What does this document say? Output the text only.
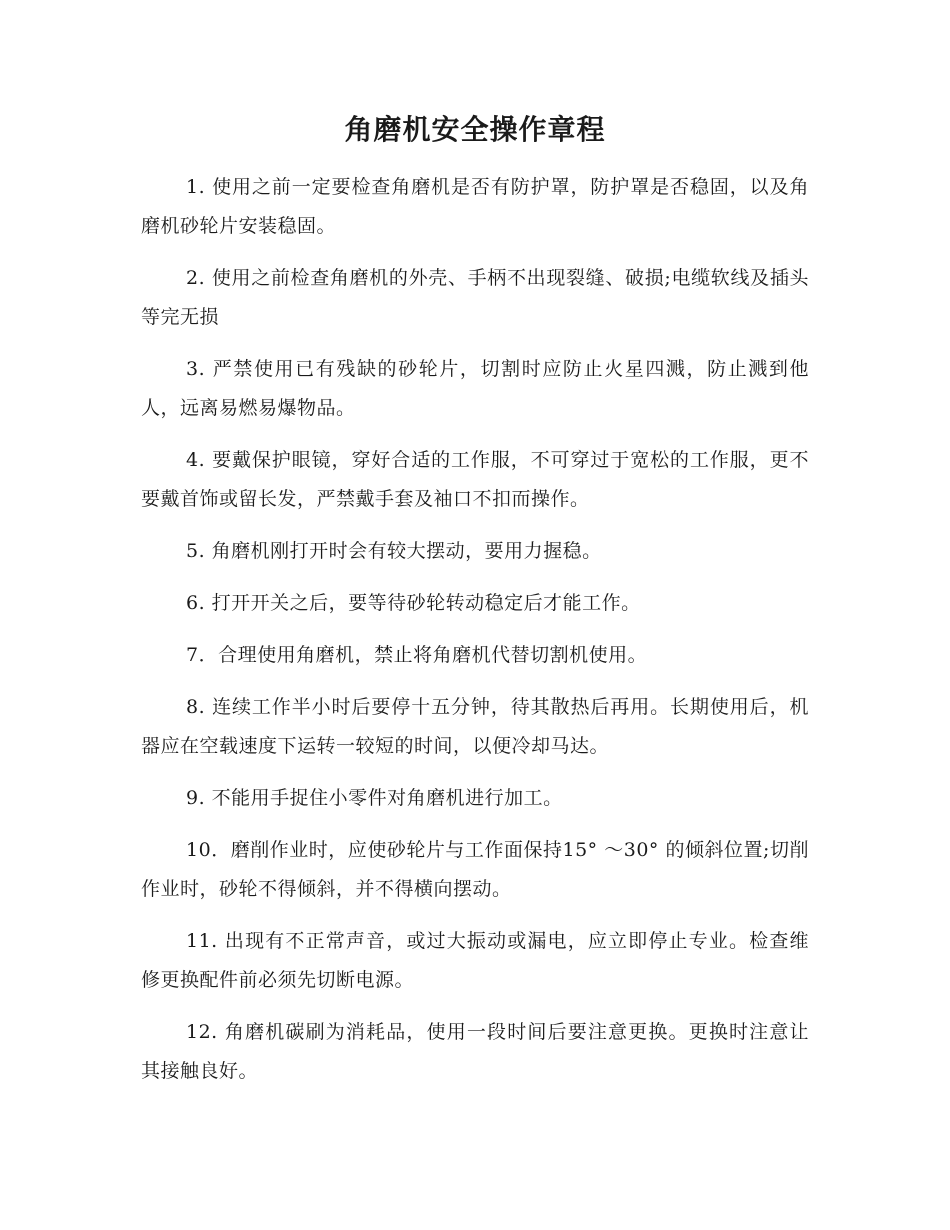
角磨机安全操作章程
1. 使用之前一定要检查角磨机是否有防护罩，防护罩是否稳固，以及角磨机砂轮片安装稳固。
2. 使用之前检查角磨机的外壳、手柄不出现裂缝、破损;电缆软线及插头等完无损
3. 严禁使用已有残缺的砂轮片，切割时应防止火星四溅，防止溅到他人，远离易燃易爆物品。
4. 要戴保护眼镜，穿好合适的工作服，不可穿过于宽松的工作服，更不要戴首饰或留长发，严禁戴手套及袖口不扣而操作。
5. 角磨机刚打开时会有较大摆动，要用力握稳。
6. 打开开关之后，要等待砂轮转动稳定后才能工作。
7．合理使用角磨机，禁止将角磨机代替切割机使用。
8. 连续工作半小时后要停十五分钟，待其散热后再用。长期使用后，机器应在空载速度下运转一较短的时间，以便冷却马达。
9. 不能用手捉住小零件对角磨机进行加工。
10．磨削作业时，应使砂轮片与工作面保持15° ～30° 的倾斜位置;切削作业时，砂轮不得倾斜，并不得横向摆动。
11. 出现有不正常声音，或过大振动或漏电，应立即停止专业。检查维修更换配件前必须先切断电源。
12. 角磨机碳刷为消耗品，使用一段时间后要注意更换。更换时注意让其接触良好。
